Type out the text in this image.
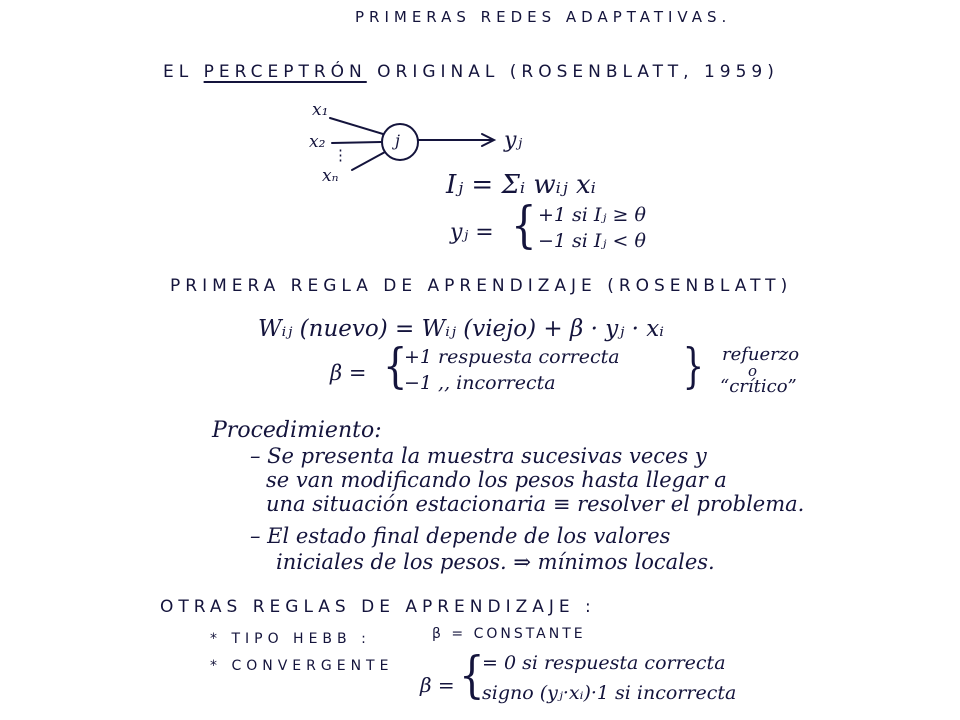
PRIMERAS REDES ADAPTATIVAS.
EL PERCEPTRÓN ORIGINAL (ROSENBLATT, 1959)
x₁
x₂
⋮
xₙ
j	yⱼ
Iⱼ = Σᵢ wᵢⱼ xᵢ
yⱼ = { +1 si Iⱼ ≥ θ
−1 si Iⱼ < θ
PRIMERA REGLA DE APRENDIZAJE (ROSENBLATT)
Wᵢⱼ (nuevo) = Wᵢⱼ (viejo) + β · yⱼ · xᵢ
β = {
+1 respuesta correcta
−1 ,, incorrecta	} refuerzo
o
“crítico”
Procedimiento:
– Se presenta la muestra sucesivas veces y
se van modificando los pesos hasta llegar a
una situación estacionaria ≡ resolver el problema.
– El estado final depende de los valores
iniciales de los pesos. ⇒ mínimos locales.
OTRAS REGLAS DE APRENDIZAJE :
* TIPO HEBB :	β = CONSTANTE
* CONVERGENTE
β = {
= 0 si respuesta correcta
signo (yⱼ·xᵢ)·1 si incorrecta
